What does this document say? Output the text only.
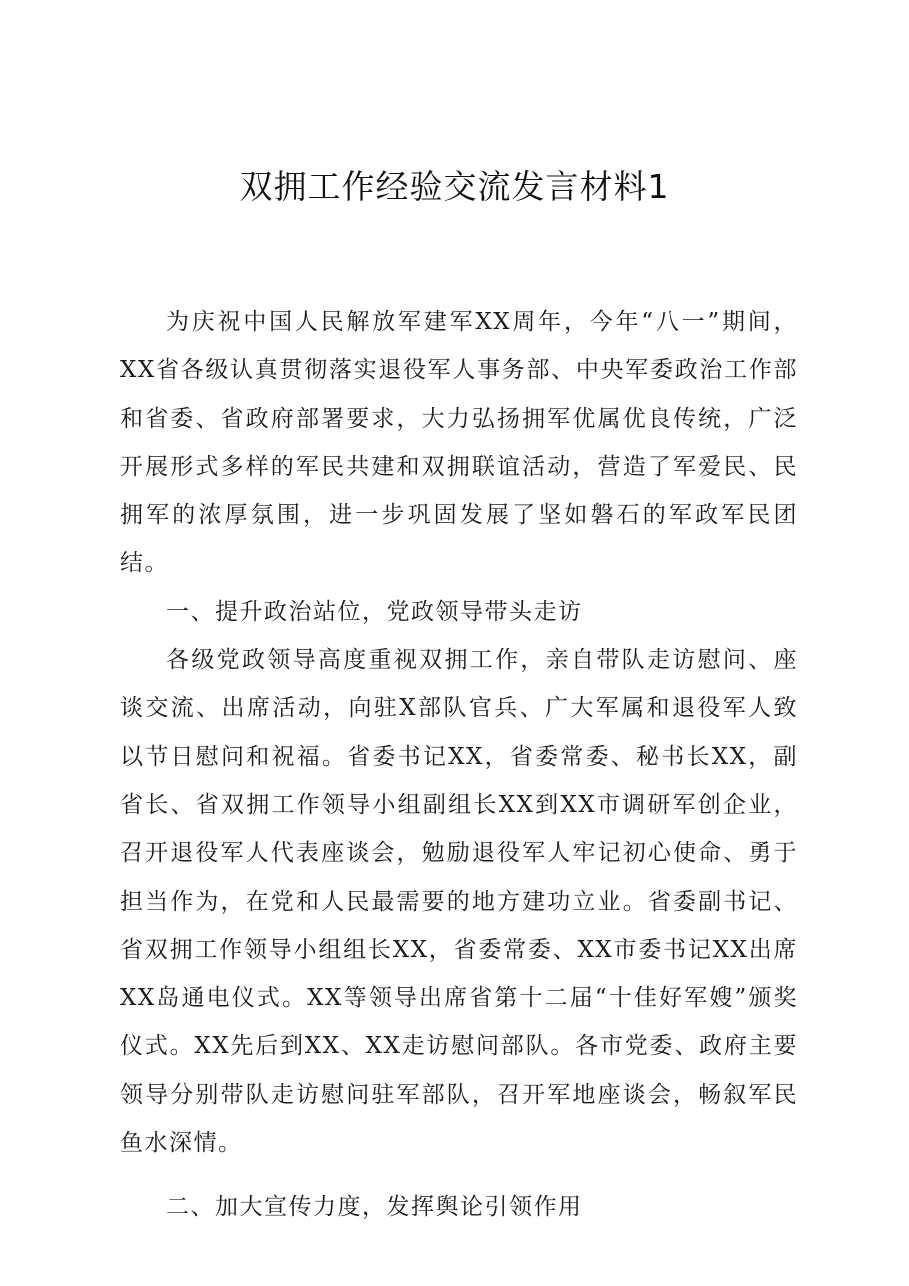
双拥工作经验交流发言材料1

为庆祝中国人民解放军建军XX周年，今年“八一”期间，XX省各级认真贯彻落实退役军人事务部、中央军委政治工作部和省委、省政府部署要求，大力弘扬拥军优属优良传统，广泛开展形式多样的军民共建和双拥联谊活动，营造了军爱民、民拥军的浓厚氛围，进一步巩固发展了坚如磐石的军政军民团结。

一、提升政治站位，党政领导带头走访

各级党政领导高度重视双拥工作，亲自带队走访慰问、座谈交流、出席活动，向驻X部队官兵、广大军属和退役军人致以节日慰问和祝福。省委书记XX，省委常委、秘书长XX，副省长、省双拥工作领导小组副组长XX到XX市调研军创企业，召开退役军人代表座谈会，勉励退役军人牢记初心使命、勇于担当作为，在党和人民最需要的地方建功立业。省委副书记、省双拥工作领导小组组长XX，省委常委、XX市委书记XX出席XX岛通电仪式。XX等领导出席省第十二届“十佳好军嫂”颁奖仪式。XX先后到XX、XX走访慰问部队。各市党委、政府主要领导分别带队走访慰问驻军部队，召开军地座谈会，畅叙军民鱼水深情。

二、加大宣传力度，发挥舆论引领作用
